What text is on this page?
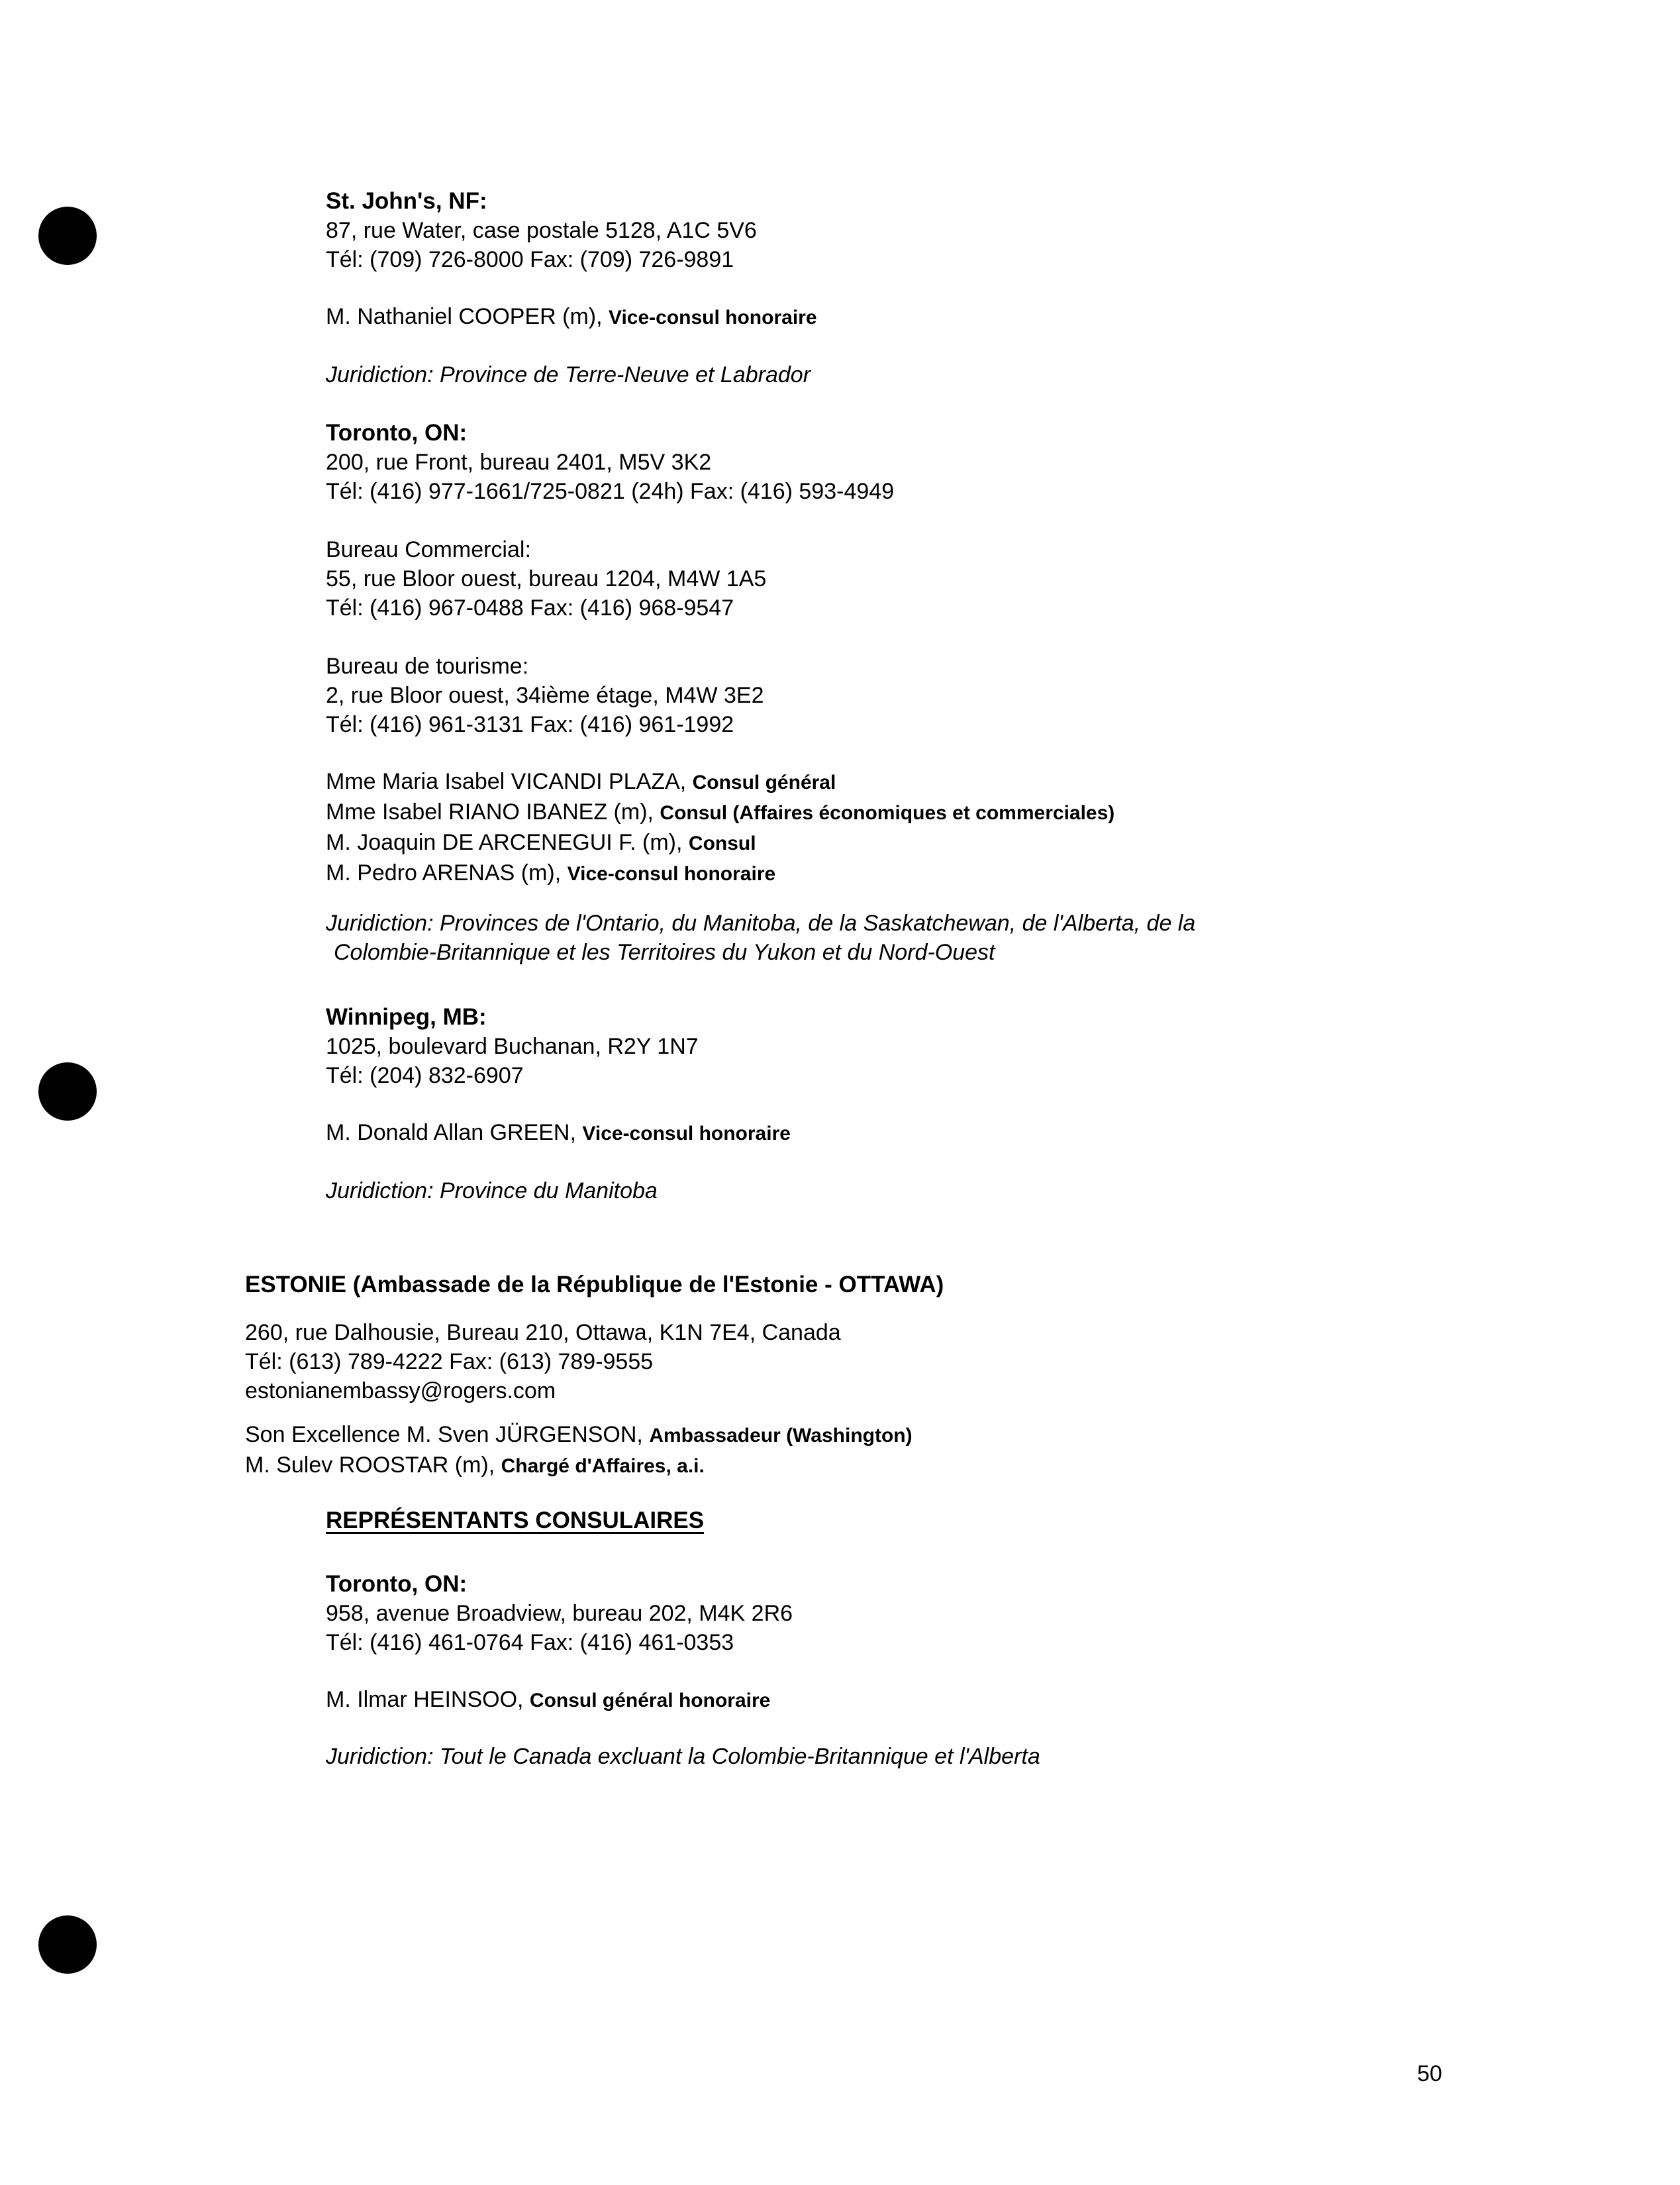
St. John's, NF:
87, rue Water, case postale 5128, A1C 5V6
Tél: (709) 726-8000 Fax: (709) 726-9891
M. Nathaniel COOPER (m), Vice-consul honoraire
Juridiction: Province de Terre-Neuve et Labrador
Toronto, ON:
200, rue Front, bureau 2401, M5V 3K2
Tél: (416) 977-1661/725-0821 (24h) Fax: (416) 593-4949
Bureau Commercial:
55, rue Bloor ouest, bureau 1204, M4W 1A5
Tél: (416) 967-0488 Fax: (416) 968-9547
Bureau de tourisme:
2, rue Bloor ouest, 34ième étage, M4W 3E2
Tél: (416) 961-3131 Fax: (416) 961-1992
Mme Maria Isabel VICANDI PLAZA, Consul général
Mme Isabel RIANO IBANEZ (m), Consul (Affaires économiques et commerciales)
M. Joaquin DE ARCENEGUI F. (m), Consul
M. Pedro ARENAS (m), Vice-consul honoraire
Juridiction: Provinces de l'Ontario, du Manitoba, de la Saskatchewan, de l'Alberta, de la
Colombie-Britannique et les Territoires du Yukon et du Nord-Ouest
Winnipeg, MB:
1025, boulevard Buchanan, R2Y 1N7
Tél: (204) 832-6907
M. Donald Allan GREEN, Vice-consul honoraire
Juridiction: Province du Manitoba
ESTONIE (Ambassade de la République de l'Estonie - OTTAWA)
260, rue Dalhousie, Bureau 210, Ottawa, K1N 7E4, Canada
Tél: (613) 789-4222 Fax: (613) 789-9555
estonianembassy@rogers.com
Son Excellence M. Sven JÜRGENSON, Ambassadeur (Washington)
M. Sulev ROOSTAR (m), Chargé d'Affaires, a.i.
REPRÉSENTANTS CONSULAIRES
Toronto, ON:
958, avenue Broadview, bureau 202, M4K 2R6
Tél: (416) 461-0764 Fax: (416) 461-0353
M. Ilmar HEINSOO, Consul général honoraire
Juridiction: Tout le Canada excluant la Colombie-Britannique et l'Alberta
50
